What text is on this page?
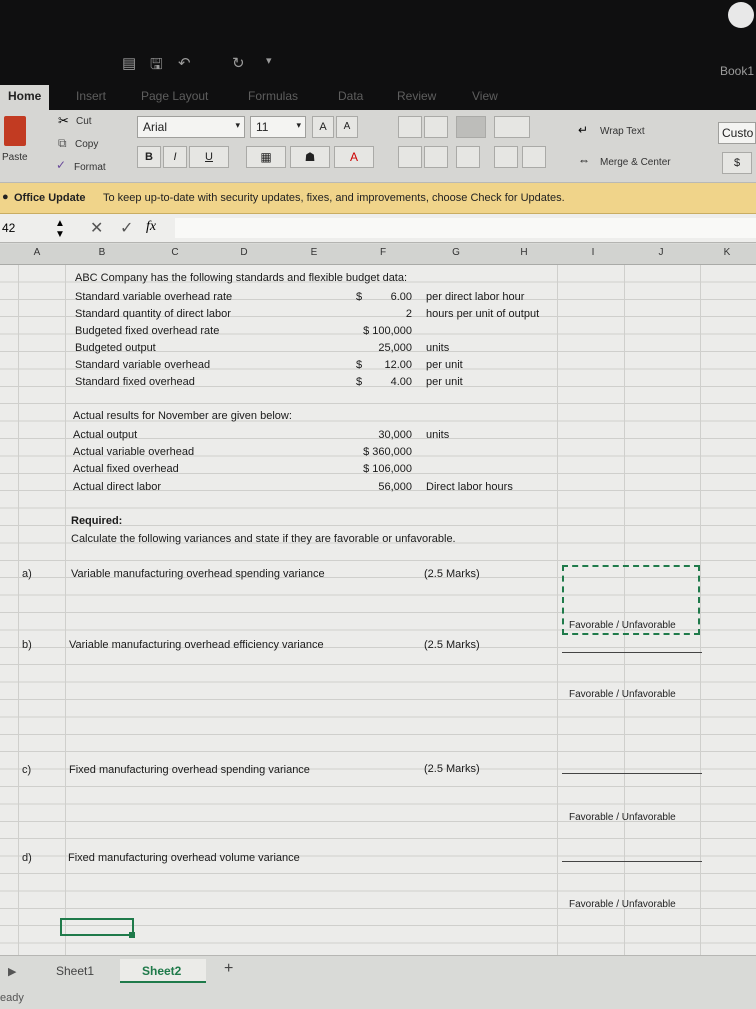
▤ 🖫 ↶	↻ ▾
Book1
Home	Insert	Page Layout	Formulas	Data	Review	View
Paste
✂ Cut
⧉ Copy
✓ Format
Arial	▾	11	▾	A	A
B	I	U	▦	☗	A
↵ Wrap Text
⇔ Merge & Center
Custo
$
● Office Update To keep up-to-date with security updates, fixes, and improvements, choose Check for Updates.
42	▲
▼ ✕ ✓ fx
A	B	C	D	E	F	G	H	I	J	K
ABC Company has the following standards and flexible budget data:
Standard variable overhead rate	$	6.00 per direct labor hour
Standard quantity of direct labor	2 hours per unit of output
Budgeted fixed overhead rate	$ 100,000
Budgeted output	25,000 units
Standard variable overhead	$	12.00 per unit
Standard fixed overhead	$	4.00 per unit
Actual results for November are given below:
Actual output	30,000 units
Actual variable overhead	$ 360,000
Actual fixed overhead	$ 106,000
Actual direct labor	56,000 Direct labor hours
Required:
Calculate the following variances and state if they are favorable or unfavorable.
a)	Variable manufacturing overhead spending variance	(2.5 Marks)
Favorable / Unfavorable
b)	Variable manufacturing overhead efficiency variance	(2.5 Marks)
Favorable / Unfavorable
c)	Fixed manufacturing overhead spending variance	(2.5 Marks)
Favorable / Unfavorable
d)	Fixed manufacturing overhead volume variance
Favorable / Unfavorable
▶	Sheet1	Sheet2	+
eady
